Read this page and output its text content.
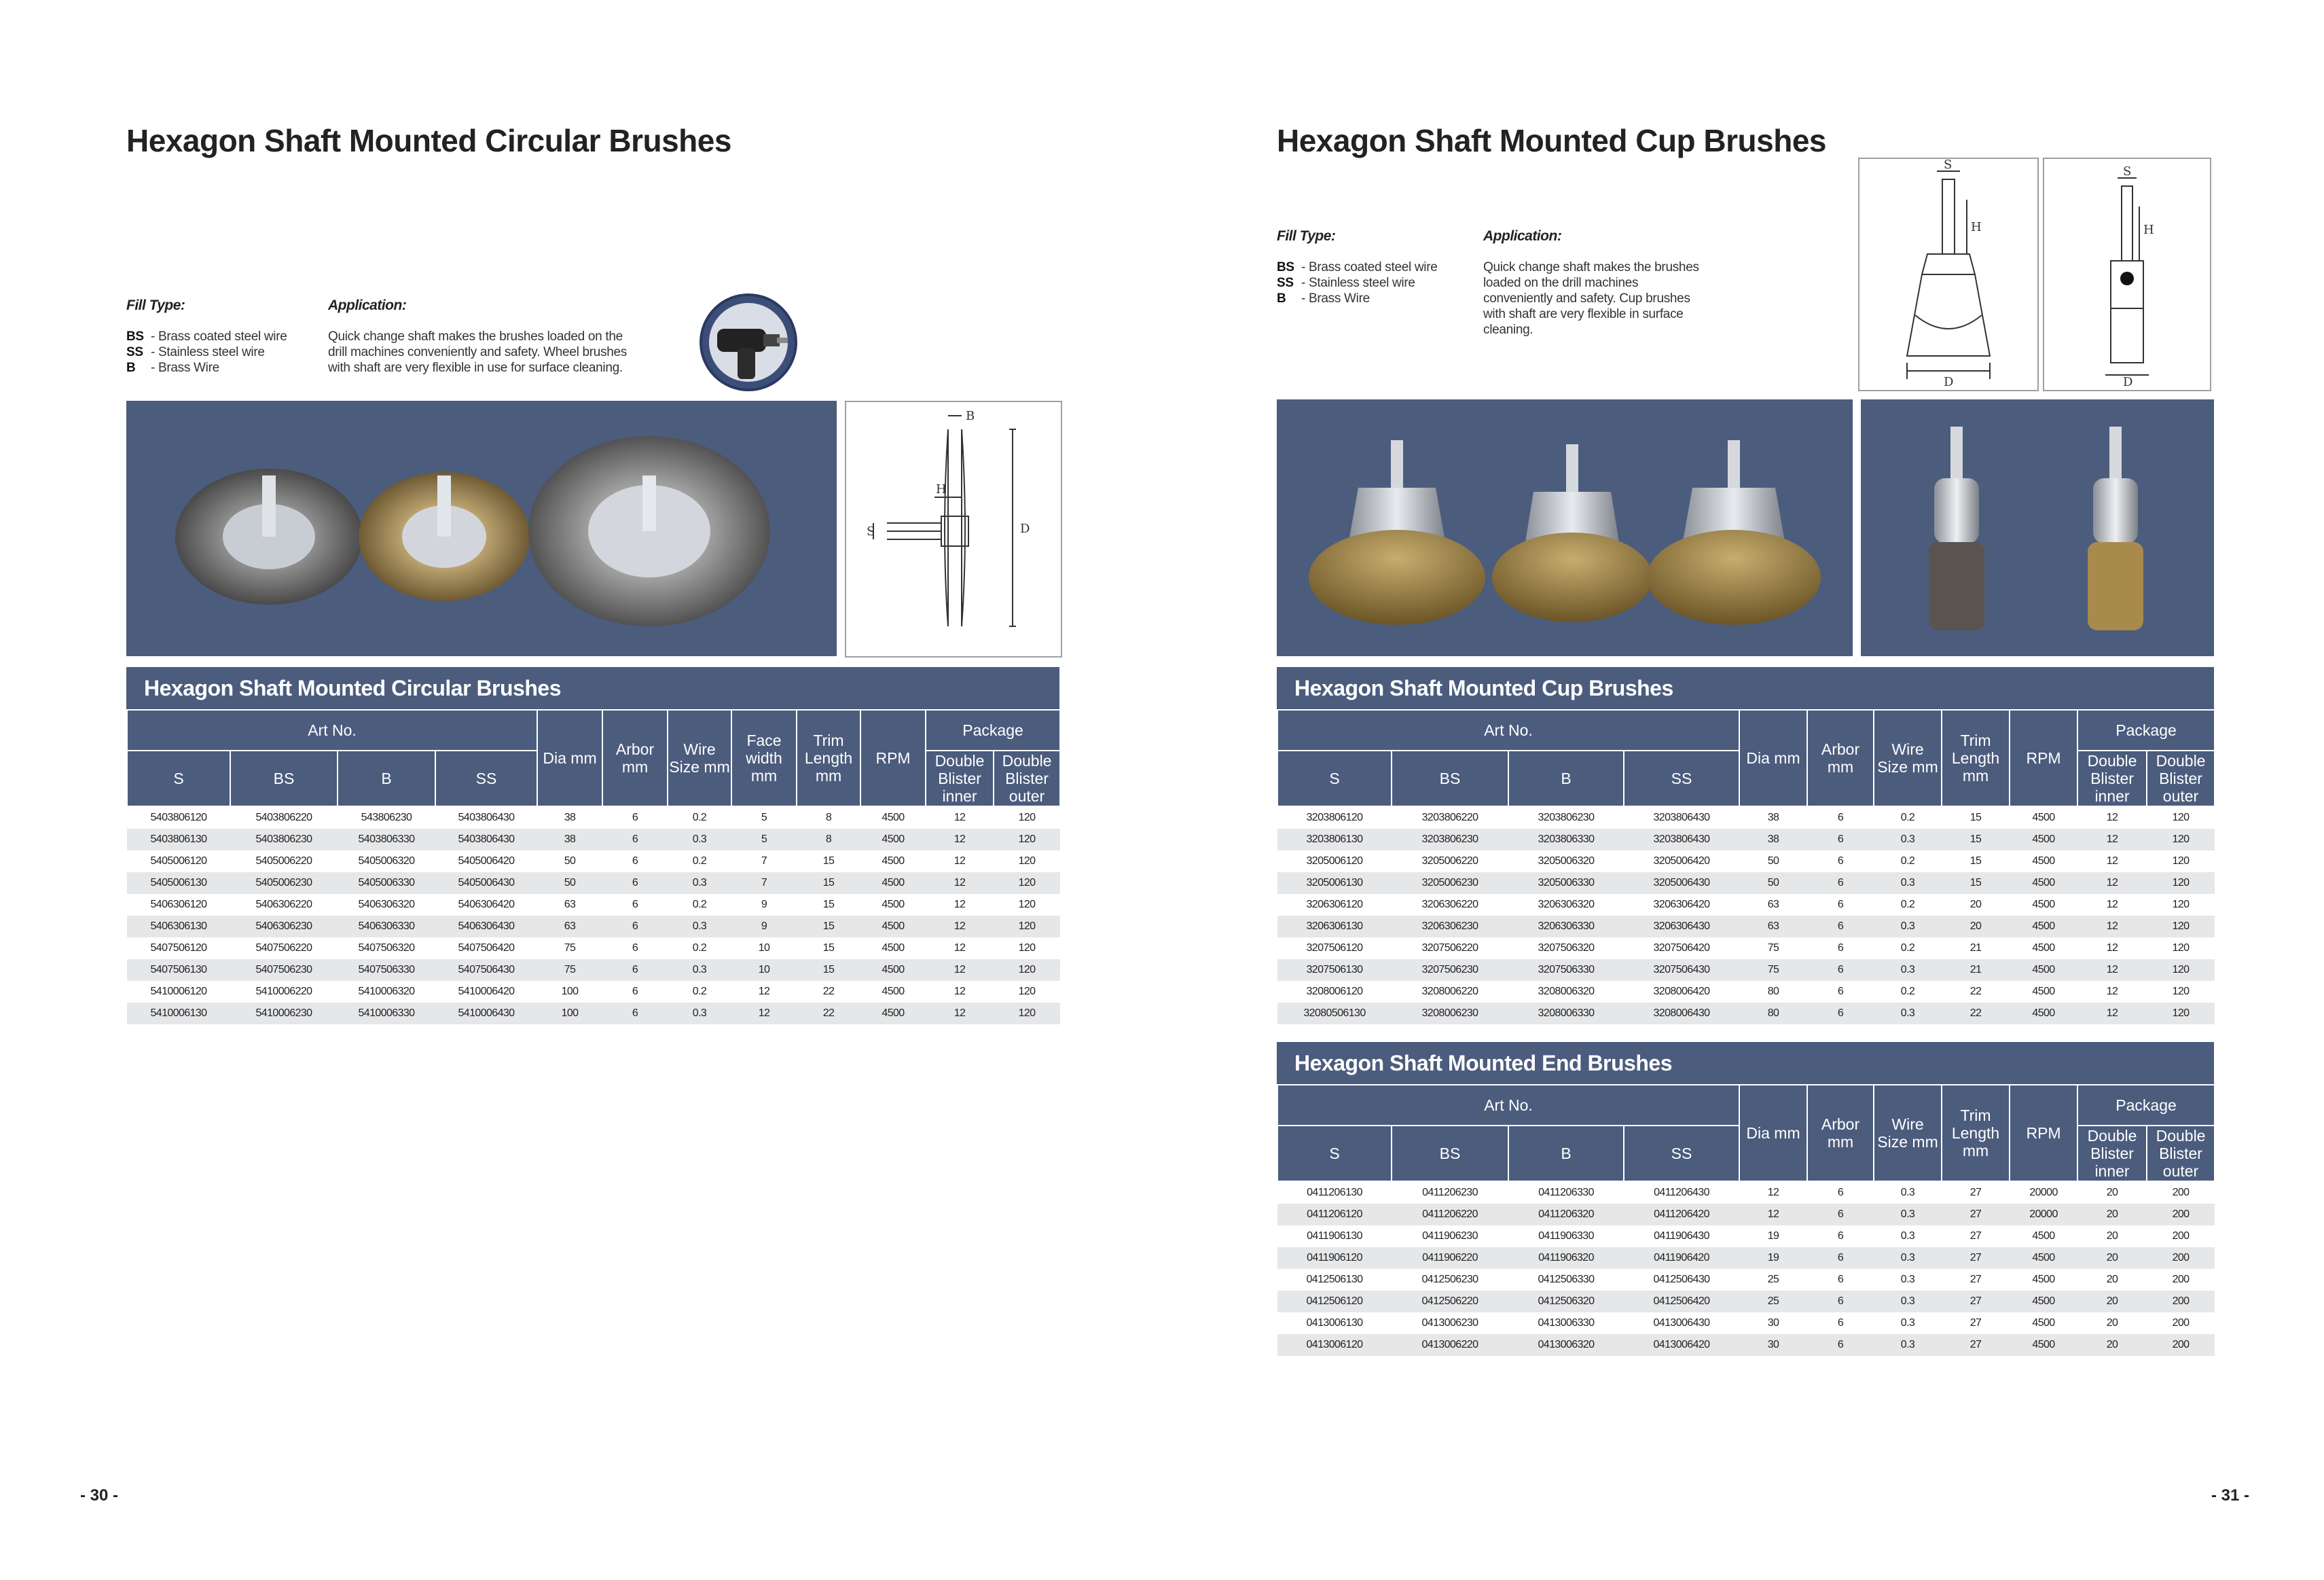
Hexagon Shaft Mounted Circular Brushes
Fill Type:
BS - Brass coated steel wire
SS - Stainless steel wire
B - Brass Wire
Application:
Quick change shaft makes the brushes loaded on the drill machines conveniently and safety. Wheel brushes with shaft are very flexible in use for surface cleaning.
B
H
S	D
Hexagon Shaft Mounted Circular Brushes
Art No.				Dia mm	Arbor mm	Wire Size mm	Face width mm	Trim Length mm	RPM	Package	
S	BS	B	SS							Double Blister inner	Double Blister outer
5403806120	5403806220	543806230	5403806430	38	6	0.2	5	8	4500	12	120
5403806130	5403806230	5403806330	5403806430	38	6	0.3	5	8	4500	12	120
5405006120	5405006220	5405006320	5405006420	50	6	0.2	7	15	4500	12	120
5405006130	5405006230	5405006330	5405006430	50	6	0.3	7	15	4500	12	120
5406306120	5406306220	5406306320	5406306420	63	6	0.2	9	15	4500	12	120
5406306130	5406306230	5406306330	5406306430	63	6	0.3	9	15	4500	12	120
5407506120	5407506220	5407506320	5407506420	75	6	0.2	10	15	4500	12	120
5407506130	5407506230	5407506330	5407506430	75	6	0.3	10	15	4500	12	120
5410006120	5410006220	5410006320	5410006420	100	6	0.2	12	22	4500	12	120
5410006130	5410006230	5410006330	5410006430	100	6	0.3	12	22	4500	12	120
- 30 -
Hexagon Shaft Mounted Cup Brushes
Fill Type:
BS - Brass coated steel wire
SS - Stainless steel wire
B - Brass Wire
Application:
Quick change shaft makes the brushes loaded on the drill machines conveniently and safety. Cup brushes with shaft are very flexible in surface cleaning.
S
H
D
S
H
D
Hexagon Shaft Mounted Cup Brushes
Art No.				Dia mm	Arbor mm	Wire Size mm	Trim Length mm	RPM	Package	
S	BS	B	SS						Double Blister inner	Double Blister outer
3203806120	3203806220	3203806230	3203806430	38	6	0.2	15	4500	12	120
3203806130	3203806230	3203806330	3203806430	38	6	0.3	15	4500	12	120
3205006120	3205006220	3205006320	3205006420	50	6	0.2	15	4500	12	120
3205006130	3205006230	3205006330	3205006430	50	6	0.3	15	4500	12	120
3206306120	3206306220	3206306320	3206306420	63	6	0.2	20	4500	12	120
3206306130	3206306230	3206306330	3206306430	63	6	0.3	20	4500	12	120
3207506120	3207506220	3207506320	3207506420	75	6	0.2	21	4500	12	120
3207506130	3207506230	3207506330	3207506430	75	6	0.3	21	4500	12	120
3208006120	3208006220	3208006320	3208006420	80	6	0.2	22	4500	12	120
32080506130	3208006230	3208006330	3208006430	80	6	0.3	22	4500	12	120
Hexagon Shaft Mounted End Brushes
Art No.				Dia mm	Arbor mm	Wire Size mm	Trim Length mm	RPM	Package	
S	BS	B	SS						Double Blister inner	Double Blister outer
0411206130	0411206230	0411206330	0411206430	12	6	0.3	27	20000	20	200
0411206120	0411206220	0411206320	0411206420	12	6	0.3	27	20000	20	200
0411906130	0411906230	0411906330	0411906430	19	6	0.3	27	4500	20	200
0411906120	0411906220	0411906320	0411906420	19	6	0.3	27	4500	20	200
0412506130	0412506230	0412506330	0412506430	25	6	0.3	27	4500	20	200
0412506120	0412506220	0412506320	0412506420	25	6	0.3	27	4500	20	200
0413006130	0413006230	0413006330	0413006430	30	6	0.3	27	4500	20	200
0413006120	0413006220	0413006320	0413006420	30	6	0.3	27	4500	20	200
- 31 -
